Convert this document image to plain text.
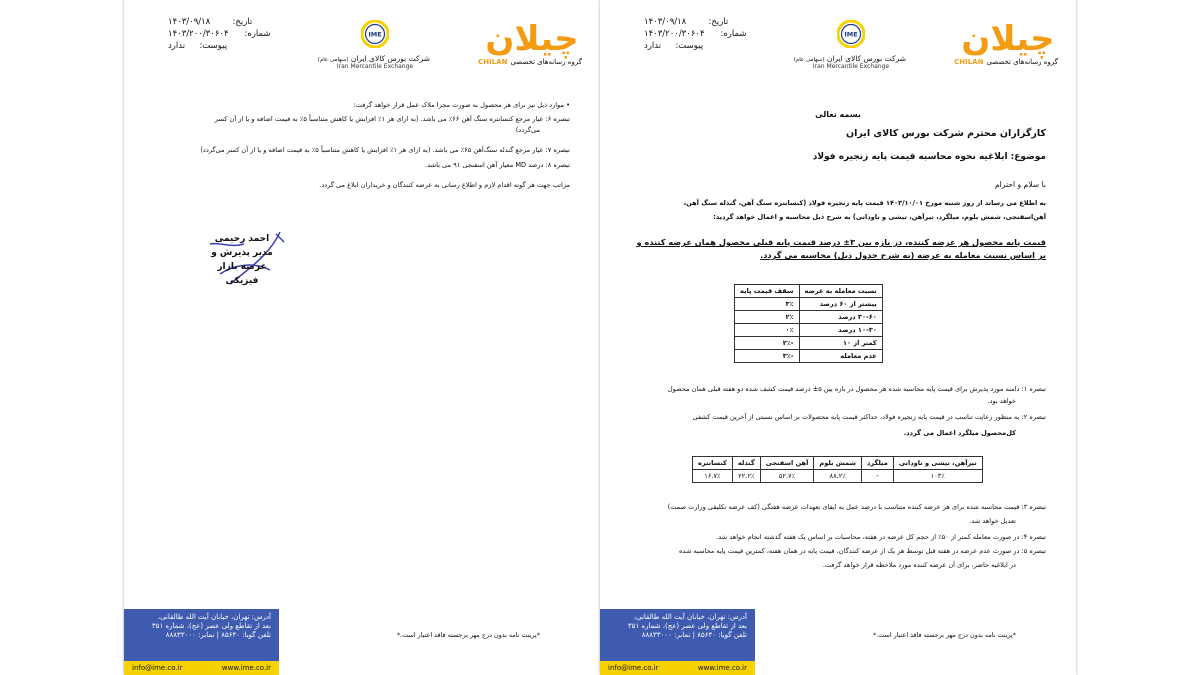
۱۴۰۳/۰۹/۱۸	تاریخ:
۱۴۰۳/۲۰۰/۳۰۶۰۴ شماره:
ندارد پیوست:
IME
شرکت بورس کالای ایران (سهامی عام)
Iran Mercantile Exchange
چیلان
گروه رسانه‌های تخصصیCHILAN
• موارد ذیل نیز برای هر محصول به صورت مجزا ملاک عمل قرار خواهد گرفت:
تبصره ۶: عیار مرجع کنسانتره سنگ آهن ۶۶٪ می باشد. (به ازای هر ۱٪ افزایش یا کاهش متناسباً ۵٪ به قیمت اضافه و یا از آن کسر
می‌گردد)
تبصره ۷: عیار مرجع گندله سنگ‌آهن ۶۵٪ می باشد. (به ازای هر ۱٪ افزایش یا کاهش متناسباً ۵٪ به قیمت اضافه و یا از آن کسر می‌گردد)
تبصره ۸: درصد MD معیار آهن اسفنجی ۹۱ می باشد.
مراتب جهت هر گونه اقدام لازم و اطلاع رسانی به عرضه کنندگان و خریداران ابلاغ می گردد.
احمد رحیمی
مدیر پذیرش و
عرضه بازار فیزیکی
*پرینت نامه بدون درج مهر برجسته فاقد اعتبار است.*
آدرس: تهران، خیابان آیت الله طالقانی،
بعد از تقاطع ولی عصر (عج)، شماره ۳۵۱
تلفن گویا: ۸۵۶۴۰ | نمابر: ۸۸۸۳۳۰۰۰
info@ime.co.ir	www.ime.co.ir
۱۴۰۳/۰۹/۱۸	تاریخ:
۱۴۰۳/۲۰۰/۳۰۶۰۴ شماره:
ندارد پیوست:
IME
شرکت بورس کالای ایران (سهامی عام)
Iran Mercantile Exchange
چیلان
گروه رسانه‌های تخصصیCHILAN
بسمه تعالی
کارگزاران محترم شرکت بورس کالای ایران
موضوع: ابلاغیه نحوه محاسبه قیمت پایه زنجیره فولاد
با سلام و احترام
به اطلاع می رساند از روز شنبه مورخ ۱۴۰۳/۱۰/۰۱ قیمت پایه زنجیره فولاد (کنسانتره سنگ آهن، گندله سنگ آهن،
آهن‌اسفنجی، شمش بلوم، میلگرد، تیرآهن، تیشی و ناودانی) به شرح ذیل محاسبه و اعمال خواهد گردید:
قیمت پایه محصول هر عرضه کننده، در بازه بین ۳± درصد قیمت پایه قبلی محصول همان عرضه کننده و بر اساس نسبت معامله به عرضه (به شرح جدول ذیل) محاسبه می گردد.
نسبت معامله به عرضه	سقف قیمت پایه
بیشتر از ۶۰ درصد	۳٪
۳۰-۶۰ درصد	۲٪
۱۰-۳۰ درصد	۰٪
کمتر از ۱۰	-۲٪
عدم معامله	-۳٪
تبصره ۱: دامنه مورد پذیرش برای قیمت پایه محاسبه شده هر محصول در بازه بین ۵± درصد قیمت کشف شده دو هفته قبلی همان محصول
خواهد بود.
تبصره ۲: به منظور رعایت تناسب در قیمت پایه زنجیره فولاد، حداکثر قیمت پایه محصولات بر اساس نسبتی از آخرین قیمت کشفی
کل‌محصول میلگرد اعمال می گردد.
تیرآهن، تیشی و ناودانی	میلگرد	شمش بلوم	آهن اسفنجی	گندله	کنسانتره
۱۰۳٪	-	۸۸.۲٪	۵۲.۷٪	۲۲.۲٪	۱۶.۷٪
تبصره ۳: قیمت محاسبه شده برای هر عرضه کننده متناسب با درصد عمل به ایفای تعهدات عرضه هفتگی (کف عرضه تکلیفی وزارت صمت)
تعدیل خواهد شد.
تبصره ۴: در صورت معامله کمتر از ۵۰٪ از حجم کل عرضه در هفته، محاسبات بر اساس یک هفته گذشته انجام خواهد شد.
تبصره ۵: در صورت عدم عرضه در هفته قبل توسط هر یک از عرضه کنندگان، قیمت پایه در همان هفته، کمترین قیمت پایه محاسبه شده
در ابلاغیه حاضر، برای آن عرضه کننده مورد ملاحظه قرار خواهد گرفت.
*پرینت نامه بدون درج مهر برجسته فاقد اعتبار است.*
آدرس: تهران، خیابان آیت الله طالقانی،
بعد از تقاطع ولی عصر (عج)، شماره ۳۵۱
تلفن گویا: ۸۵۶۴۰ | نمابر: ۸۸۸۳۳۰۰۰
info@ime.co.ir	www.ime.co.ir
